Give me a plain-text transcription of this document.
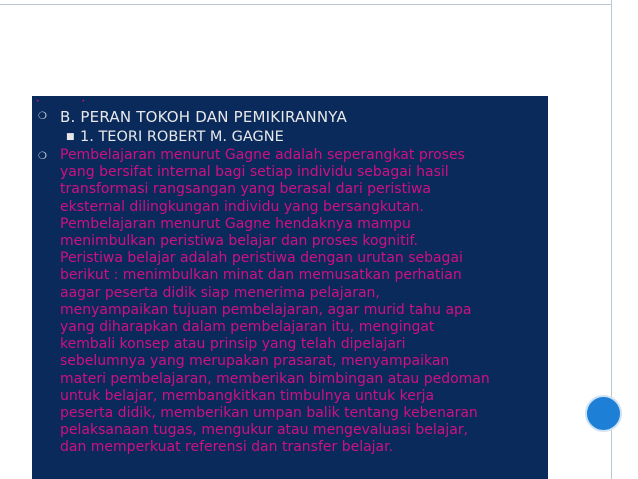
• •
❍ B. PERAN TOKOH DAN PEMIKIRANNYA
■ 1. TEORI ROBERT M. GAGNE
❍ Pembelajaran menurut Gagne adalah seperangkat proses
yang bersifat internal bagi setiap individu sebagai hasil
transformasi rangsangan yang berasal dari peristiwa
eksternal dilingkungan individu yang bersangkutan.
Pembelajaran menurut Gagne hendaknya mampu
menimbulkan peristiwa belajar dan proses kognitif.
Peristiwa belajar adalah peristiwa dengan urutan sebagai
berikut : menimbulkan minat dan memusatkan perhatian
aagar peserta didik siap menerima pelajaran,
menyampaikan tujuan pembelajaran, agar murid tahu apa
yang diharapkan dalam pembelajaran itu, mengingat
kembali konsep atau prinsip yang telah dipelajari
sebelumnya yang merupakan prasarat, menyampaikan
materi pembelajaran, memberikan bimbingan atau pedoman
untuk belajar, membangkitkan timbulnya untuk kerja
peserta didik, memberikan umpan balik tentang kebenaran
pelaksanaan tugas, mengukur atau mengevaluasi belajar,
dan memperkuat referensi dan transfer belajar.
